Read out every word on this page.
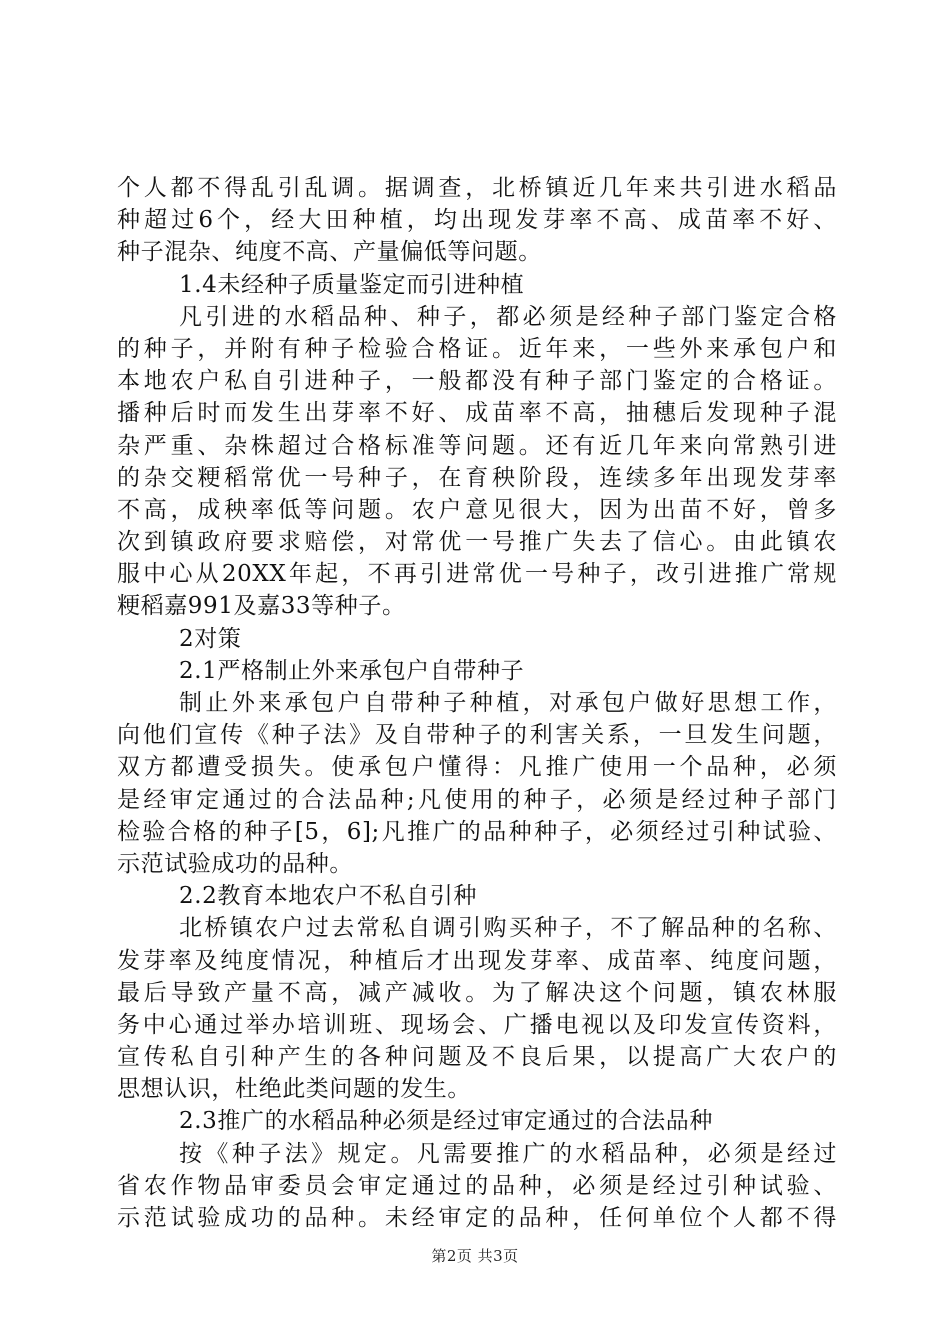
个人都不得乱引乱调。据调查，北桥镇近几年来共引进水稻品
种超过6个，经大田种植，均出现发芽率不高、成苗率不好、
种子混杂、纯度不高、产量偏低等问题。
1.4未经种子质量鉴定而引进种植
凡引进的水稻品种、种子，都必须是经种子部门鉴定合格
的种子，并附有种子检验合格证。近年来，一些外来承包户和
本地农户私自引进种子，一般都没有种子部门鉴定的合格证。
播种后时而发生出芽率不好、成苗率不高，抽穗后发现种子混
杂严重、杂株超过合格标准等问题。还有近几年来向常熟引进
的杂交粳稻常优一号种子，在育秧阶段，连续多年出现发芽率
不高，成秧率低等问题。农户意见很大，因为出苗不好，曾多
次到镇政府要求赔偿，对常优一号推广失去了信心。由此镇农
服中心从20XX年起，不再引进常优一号种子，改引进推广常规
粳稻嘉991及嘉33等种子。
2对策
2.1严格制止外来承包户自带种子
制止外来承包户自带种子种植，对承包户做好思想工作，
向他们宣传《种子法》及自带种子的利害关系，一旦发生问题，
双方都遭受损失。使承包户懂得：凡推广使用一个品种，必须
是经审定通过的合法品种;凡使用的种子，必须是经过种子部门
检验合格的种子[5，6];凡推广的品种种子，必须经过引种试验、
示范试验成功的品种。
2.2教育本地农户不私自引种
北桥镇农户过去常私自调引购买种子，不了解品种的名称、
发芽率及纯度情况，种植后才出现发芽率、成苗率、纯度问题，
最后导致产量不高，减产减收。为了解决这个问题，镇农林服
务中心通过举办培训班、现场会、广播电视以及印发宣传资料，
宣传私自引种产生的各种问题及不良后果，以提高广大农户的
思想认识，杜绝此类问题的发生。
2.3推广的水稻品种必须是经过审定通过的合法品种
按《种子法》规定。凡需要推广的水稻品种，必须是经过
省农作物品审委员会审定通过的品种，必须是经过引种试验、
示范试验成功的品种。未经审定的品种，任何单位个人都不得
第2页 共3页
